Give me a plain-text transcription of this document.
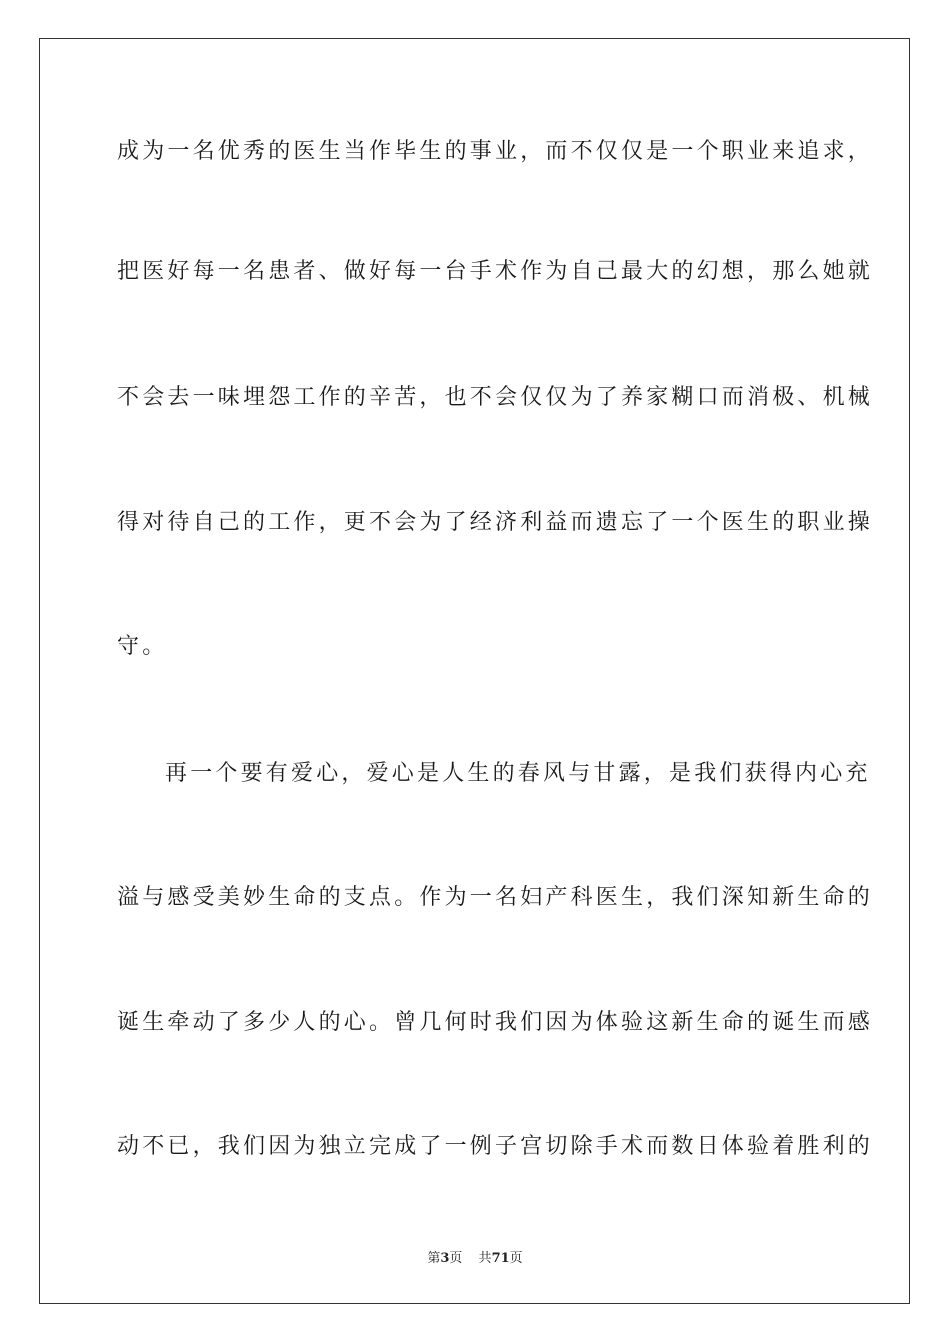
成为一名优秀的医生当作毕生的事业，而不仅仅是一个职业来追求，
把医好每一名患者、做好每一台手术作为自己最大的幻想，那么她就
不会去一味埋怨工作的辛苦，也不会仅仅为了养家糊口而消极、机械
得对待自己的工作，更不会为了经济利益而遗忘了一个医生的职业操
守。
再一个要有爱心，爱心是人生的春风与甘露，是我们获得内心充
溢与感受美妙生命的支点。作为一名妇产科医生，我们深知新生命的
诞生牵动了多少人的心。曾几何时我们因为体验这新生命的诞生而感
动不已，我们因为独立完成了一例子宫切除手术而数日体验着胜利的
第3页 共71页
